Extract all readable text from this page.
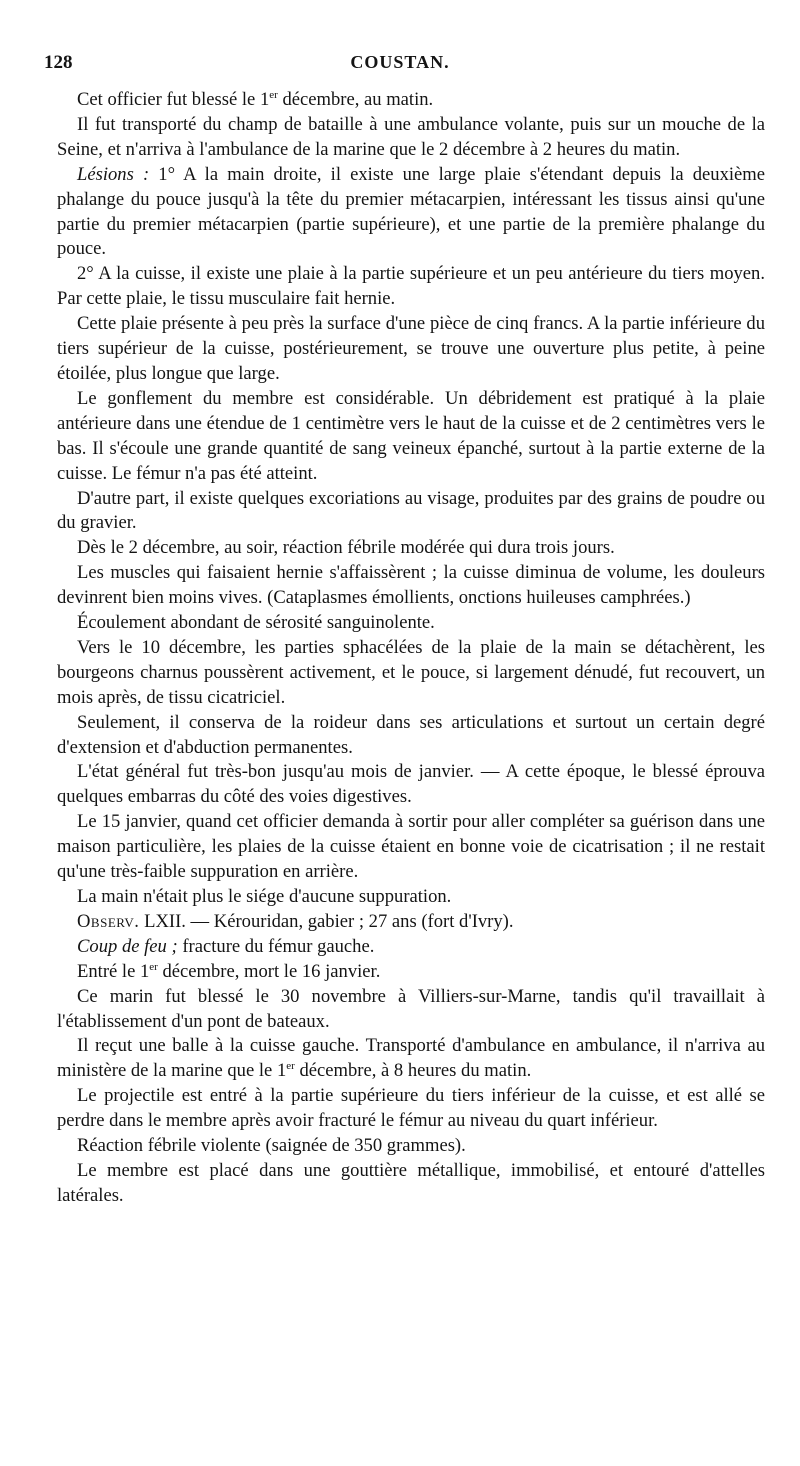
128	COUSTAN.

Cet officier fut blessé le 1er décembre, au matin.

Il fut transporté du champ de bataille à une ambulance volante, puis sur un mouche de la Seine, et n'arriva à l'ambulance de la marine que le 2 décembre à 2 heures du matin.

Lésions : 1° A la main droite, il existe une large plaie s'étendant depuis la deuxième phalange du pouce jusqu'à la tête du premier métacarpien, intéressant les tissus ainsi qu'une partie du premier métacarpien (partie supérieure), et une partie de la première phalange du pouce.

2° A la cuisse, il existe une plaie à la partie supérieure et un peu antérieure du tiers moyen. Par cette plaie, le tissu musculaire fait hernie.

Cette plaie présente à peu près la surface d'une pièce de cinq francs. A la partie inférieure du tiers supérieur de la cuisse, postérieurement, se trouve une ouverture plus petite, à peine étoilée, plus longue que large.

Le gonflement du membre est considérable. Un débridement est pratiqué à la plaie antérieure dans une étendue de 1 centimètre vers le haut de la cuisse et de 2 centimètres vers le bas. Il s'écoule une grande quantité de sang veineux épanché, surtout à la partie externe de la cuisse. Le fémur n'a pas été atteint.

D'autre part, il existe quelques excoriations au visage, produites par des grains de poudre ou du gravier.

Dès le 2 décembre, au soir, réaction fébrile modérée qui dura trois jours.

Les muscles qui faisaient hernie s'affaissèrent ; la cuisse diminua de volume, les douleurs devinrent bien moins vives. (Cataplasmes émollients, onctions huileuses camphrées.)

Écoulement abondant de sérosité sanguinolente.

Vers le 10 décembre, les parties sphacélées de la plaie de la main se détachèrent, les bourgeons charnus poussèrent activement, et le pouce, si largement dénudé, fut recouvert, un mois après, de tissu cicatriciel.

Seulement, il conserva de la roideur dans ses articulations et surtout un certain degré d'extension et d'abduction permanentes.

L'état général fut très-bon jusqu'au mois de janvier. — A cette époque, le blessé éprouva quelques embarras du côté des voies digestives.

Le 15 janvier, quand cet officier demanda à sortir pour aller compléter sa guérison dans une maison particulière, les plaies de la cuisse étaient en bonne voie de cicatrisation ; il ne restait qu'une très-faible suppuration en arrière.

La main n'était plus le siége d'aucune suppuration.

Observ. LXII. — Kérouridan, gabier ; 27 ans (fort d'Ivry).

Coup de feu ; fracture du fémur gauche.

Entré le 1er décembre, mort le 16 janvier.

Ce marin fut blessé le 30 novembre à Villiers-sur-Marne, tandis qu'il travaillait à l'établissement d'un pont de bateaux.

Il reçut une balle à la cuisse gauche. Transporté d'ambulance en ambulance, il n'arriva au ministère de la marine que le 1er décembre, à 8 heures du matin.

Le projectile est entré à la partie supérieure du tiers inférieur de la cuisse, et est allé se perdre dans le membre après avoir fracturé le fémur au niveau du quart inférieur.

Réaction fébrile violente (saignée de 350 grammes).

Le membre est placé dans une gouttière métallique, immobilisé, et entouré d'attelles latérales.
